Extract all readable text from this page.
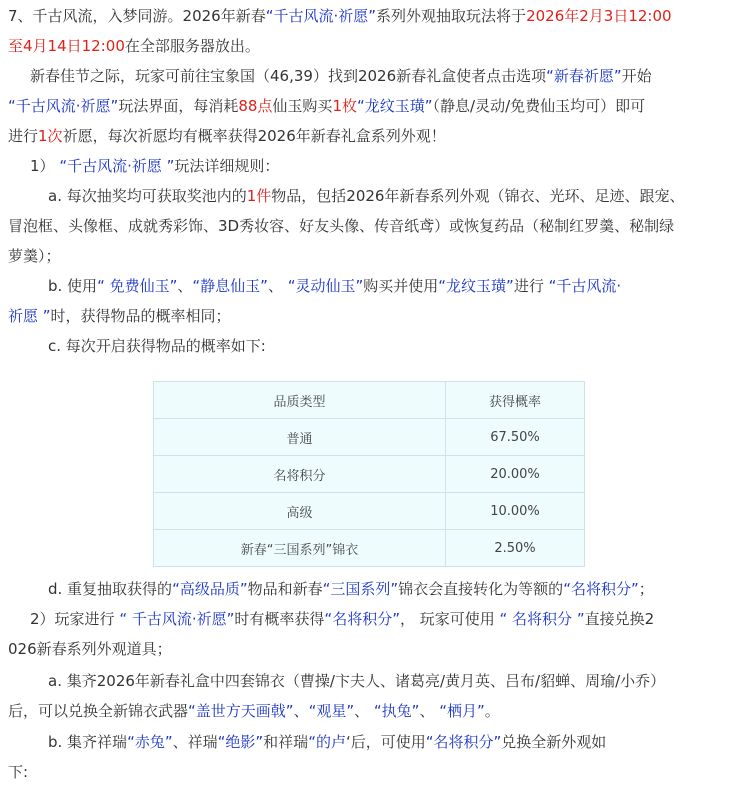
7、千古风流，入梦同游。2026年新春“千古风流·祈愿”系列外观抽取玩法将于2026年2月3日12:00
至4月14日12:00在全部服务器放出。
新春佳节之际，玩家可前往宝象国（46,39）找到2026新春礼盒使者点击选项“新春祈愿”开始
“千古风流·祈愿”玩法界面，每消耗88点仙玉购买1枚“龙纹玉璜”（静息/灵动/免费仙玉均可）即可
进行1次祈愿，每次祈愿均有概率获得2026年新春礼盒系列外观！
1） “千古风流·祈愿 ”玩法详细规则：
a. 每次抽奖均可获取奖池内的1件物品，包括2026年新春系列外观（锦衣、光环、足迹、跟宠、
冒泡框、头像框、成就秀彩饰、3D秀妆容、好友头像、传音纸鸢）或恢复药品（秘制红罗羹、秘制绿
萝羹）；
b. 使用“ 免费仙玉”、“静息仙玉”、 “灵动仙玉”购买并使用“龙纹玉璜”进行 “千古风流·
祈愿 ”时，获得物品的概率相同；
c. 每次开启获得物品的概率如下:
品质类型	获得概率
普通	67.50%
名将积分	20.00%
高级	10.00%
新春“三国系列”锦衣	2.50%
d. 重复抽取获得的“高级品质”物品和新春“三国系列”锦衣会直接转化为等额的“名将积分”；
2）玩家进行 “ 千古风流·祈愿”时有概率获得“名将积分”， 玩家可使用 “ 名将积分 ”直接兑换2
026新春系列外观道具；
a. 集齐2026年新春礼盒中四套锦衣（曹操/卞夫人、诸葛亮/黄月英、吕布/貂蝉、周瑜/小乔）
后，可以兑换全新锦衣武器“盖世方天画戟”、“观星”、 “执兔”、 “栖月”。
b. 集齐祥瑞“赤兔”、祥瑞“绝影”和祥瑞“的卢‘后，可使用“名将积分”兑换全新外观如
下:
